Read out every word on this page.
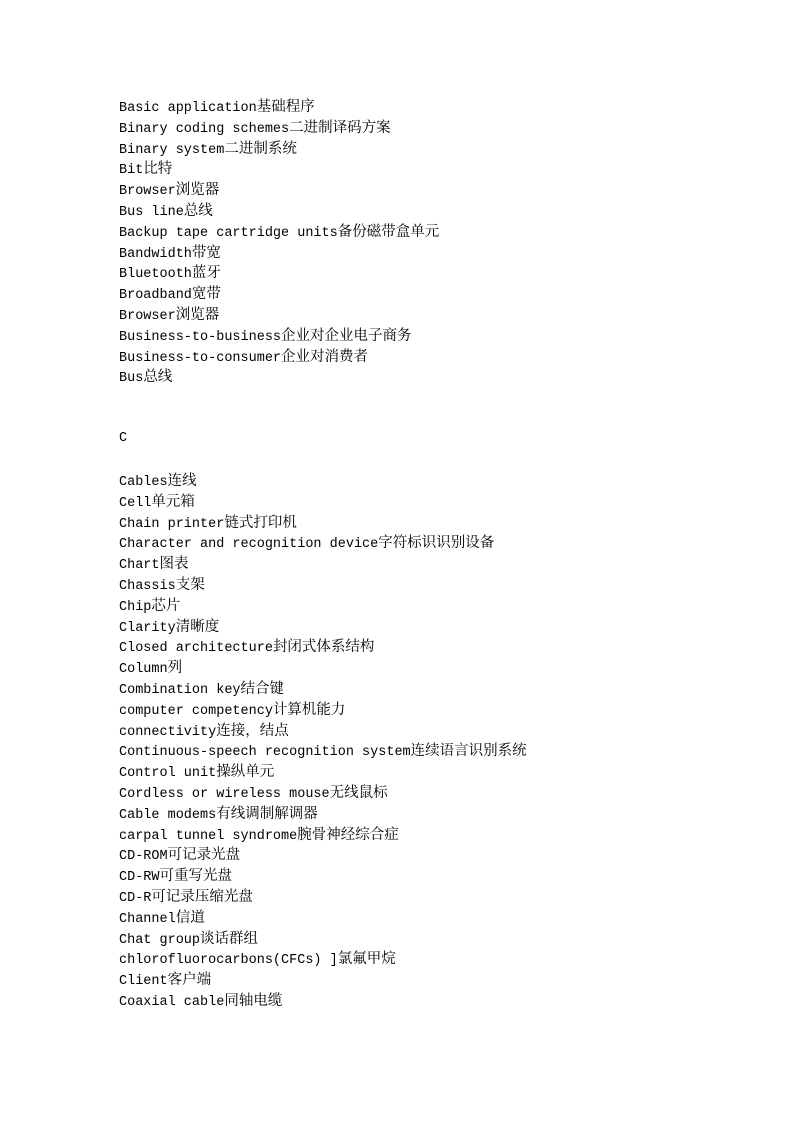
Basic application基础程序
Binary coding schemes二进制译码方案
Binary system二进制系统
Bit比特
Browser浏览器
Bus line总线
Backup tape cartridge units备份磁带盒单元
Bandwidth带宽
Bluetooth蓝牙
Broadband宽带
Browser浏览器
Business-to-business企业对企业电子商务
Business-to-consumer企业对消费者
Bus总线
C
Cables连线
Cell单元箱
Chain printer链式打印机
Character and recognition device字符标识识别设备
Chart图表
Chassis支架
Chip芯片
Clarity清晰度
Closed architecture封闭式体系结构
Column列
Combination key结合键
computer competency计算机能力
connectivity连接，结点
Continuous-speech recognition system连续语言识别系统
Control unit操纵单元
Cordless or wireless mouse无线鼠标
Cable modems有线调制解调器
carpal tunnel syndrome腕骨神经综合症
CD-ROM可记录光盘
CD-RW可重写光盘
CD-R可记录压缩光盘
Channel信道
Chat group谈话群组
chlorofluorocarbons(CFCs) ]氯氟甲烷
Client客户端
Coaxial cable同轴电缆
